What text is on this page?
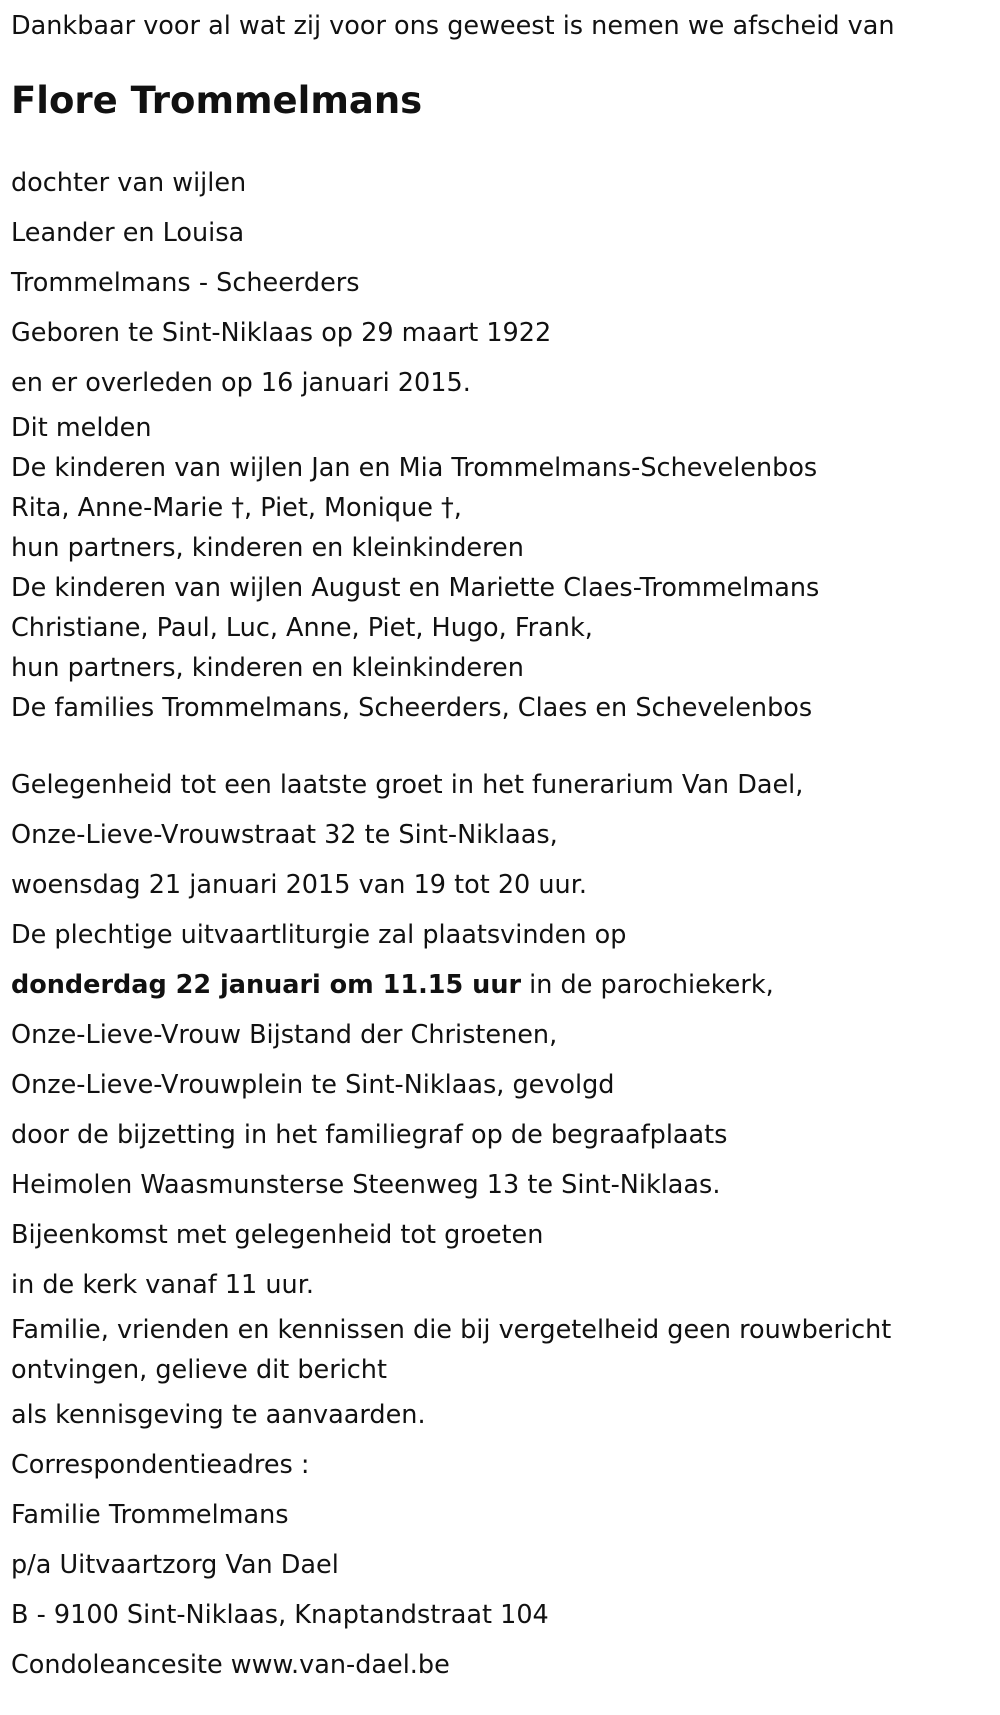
Dankbaar voor al wat zij voor ons geweest is nemen we afscheid van
Flore Trommelmans
dochter van wijlen
Leander en Louisa
Trommelmans - Scheerders
Geboren te Sint-Niklaas op 29 maart 1922
en er overleden op 16 januari 2015.
Dit melden
De kinderen van wijlen Jan en Mia Trommelmans-Schevelenbos
Rita, Anne-Marie †, Piet, Monique †,
hun partners, kinderen en kleinkinderen
De kinderen van wijlen August en Mariette Claes-Trommelmans
Christiane, Paul, Luc, Anne, Piet, Hugo, Frank,
hun partners, kinderen en kleinkinderen
De families Trommelmans, Scheerders, Claes en Schevelenbos
Gelegenheid tot een laatste groet in het funerarium Van Dael,
Onze-Lieve-Vrouwstraat 32 te Sint-Niklaas,
woensdag 21 januari 2015 van 19 tot 20 uur.
De plechtige uitvaartliturgie zal plaatsvinden op
donderdag 22 januari om 11.15 uur in de parochiekerk,
Onze-Lieve-Vrouw Bijstand der Christenen,
Onze-Lieve-Vrouwplein te Sint-Niklaas, gevolgd
door de bijzetting in het familiegraf op de begraafplaats
Heimolen Waasmunsterse Steenweg 13 te Sint-Niklaas.
Bijeenkomst met gelegenheid tot groeten
in de kerk vanaf 11 uur.
Familie, vrienden en kennissen die bij vergetelheid geen rouwbericht
ontvingen, gelieve dit bericht
als kennisgeving te aanvaarden.
Correspondentieadres :
Familie Trommelmans
p/a Uitvaartzorg Van Dael
B - 9100 Sint-Niklaas, Knaptandstraat 104
Condoleancesite www.van-dael.be
